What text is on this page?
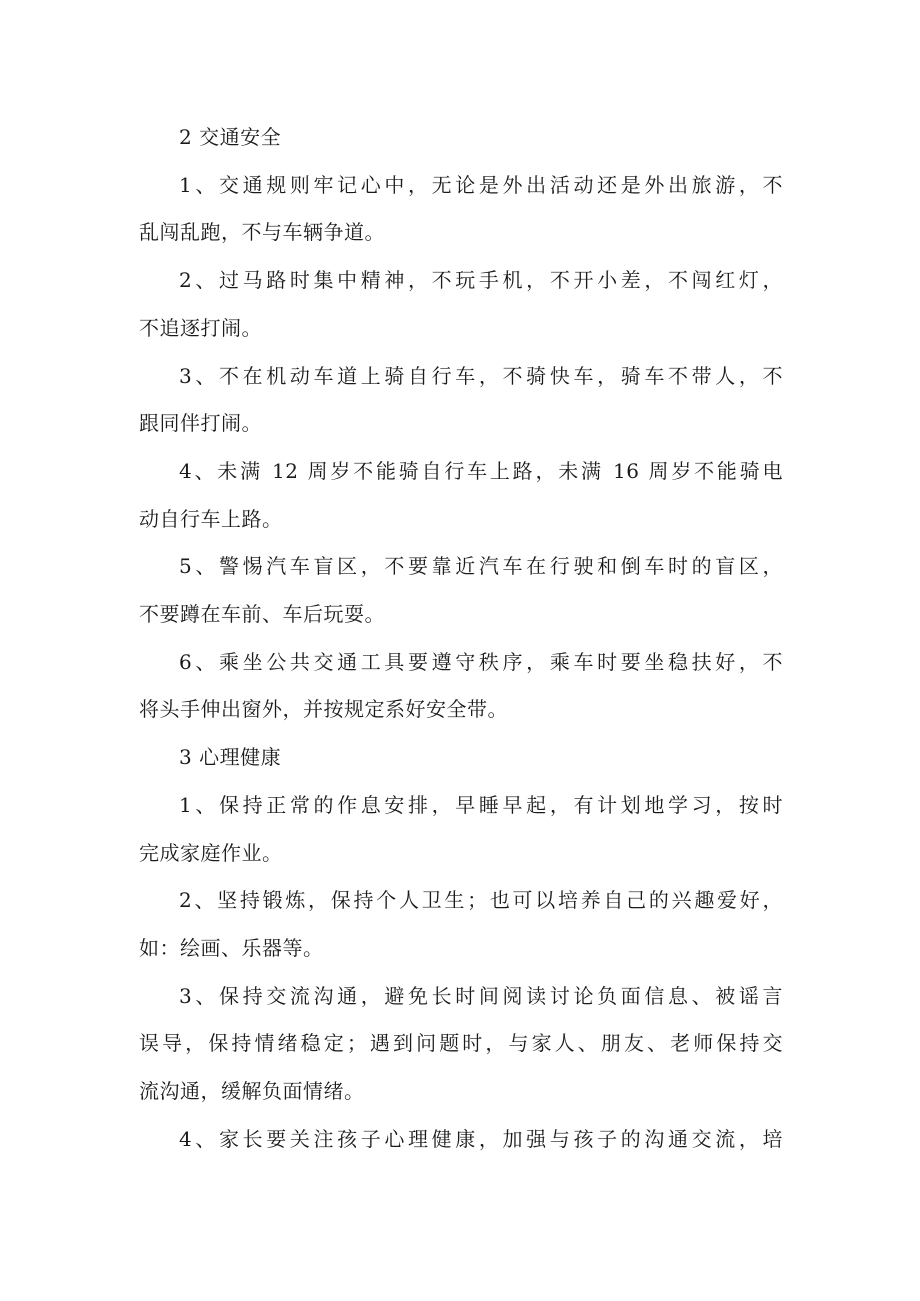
2 交通安全

1、交通规则牢记心中，无论是外出活动还是外出旅游，不
乱闯乱跑，不与车辆争道。

2、过马路时集中精神，不玩手机，不开小差，不闯红灯，
不追逐打闹。

3、不在机动车道上骑自行车，不骑快车，骑车不带人，不
跟同伴打闹。

4、未满 12 周岁不能骑自行车上路，未满 16 周岁不能骑电
动自行车上路。

5、警惕汽车盲区，不要靠近汽车在行驶和倒车时的盲区，
不要蹲在车前、车后玩耍。

6、乘坐公共交通工具要遵守秩序，乘车时要坐稳扶好，不
将头手伸出窗外，并按规定系好安全带。

3 心理健康

1、保持正常的作息安排，早睡早起，有计划地学习，按时
完成家庭作业。

2、坚持锻炼，保持个人卫生；也可以培养自己的兴趣爱好，
如：绘画、乐器等。

3、保持交流沟通，避免长时间阅读讨论负面信息、被谣言
误导，保持情绪稳定；遇到问题时，与家人、朋友、老师保持交
流沟通，缓解负面情绪。

4、家长要关注孩子心理健康，加强与孩子的沟通交流，培
